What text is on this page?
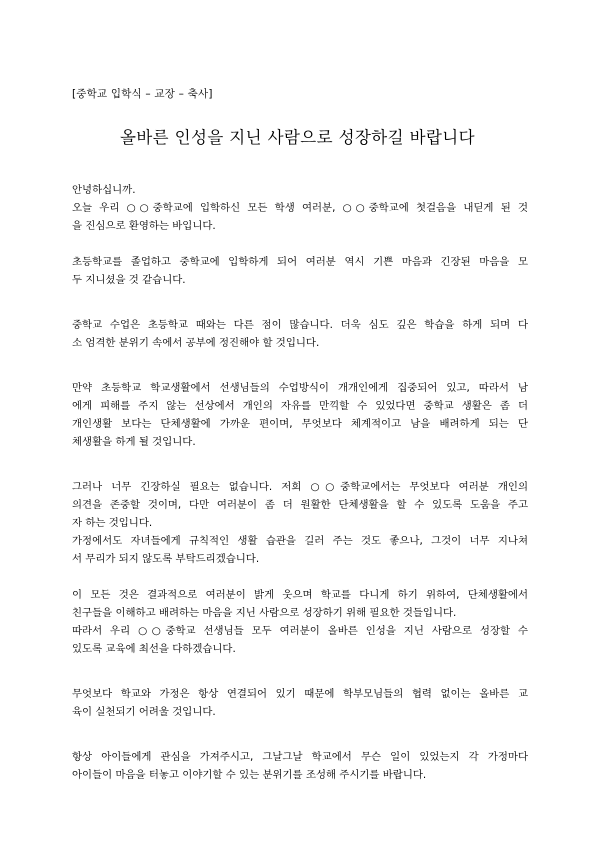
[중학교 입학식 – 교장 – 축사]
올바른 인성을 지닌 사람으로 성장하길 바랍니다
안녕하십니까.
오늘 우리 ○○중학교에 입학하신 모든 학생 여러분, ○○중학교에 첫걸음을 내딛게 된 것
을 진심으로 환영하는 바입니다.
초등학교를 졸업하고 중학교에 입학하게 되어 여러분 역시 기쁜 마음과 긴장된 마음을 모
두 지니셨을 것 같습니다.
중학교 수업은 초등학교 때와는 다른 점이 많습니다. 더욱 심도 깊은 학습을 하게 되며 다
소 엄격한 분위기 속에서 공부에 정진해야 할 것입니다.
만약 초등학교 학교생활에서 선생님들의 수업방식이 개개인에게 집중되어 있고, 따라서 남
에게 피해를 주지 않는 선상에서 개인의 자유를 만끽할 수 있었다면 중학교 생활은 좀 더
개인생활 보다는 단체생활에 가까운 편이며, 무엇보다 체계적이고 남을 배려하게 되는 단
체생활을 하게 될 것입니다.
그러나 너무 긴장하실 필요는 없습니다. 저희 ○○중학교에서는 무엇보다 여러분 개인의
의견을 존중할 것이며, 다만 여러분이 좀 더 원활한 단체생활을 할 수 있도록 도움을 주고
자 하는 것입니다.
가정에서도 자녀들에게 규칙적인 생활 습관을 길러 주는 것도 좋으나, 그것이 너무 지나쳐
서 무리가 되지 않도록 부탁드리겠습니다.
이 모든 것은 결과적으로 여러분이 밝게 웃으며 학교를 다니게 하기 위하여, 단체생활에서
친구들을 이해하고 배려하는 마음을 지닌 사람으로 성장하기 위해 필요한 것들입니다.
따라서 우리 ○○중학교 선생님들 모두 여러분이 올바른 인성을 지닌 사람으로 성장할 수
있도록 교육에 최선을 다하겠습니다.
무엇보다 학교와 가정은 항상 연결되어 있기 때문에 학부모님들의 협력 없이는 올바른 교
육이 실천되기 어려울 것입니다.
항상 아이들에게 관심을 가져주시고, 그날그날 학교에서 무슨 일이 있었는지 각 가정마다
아이들이 마음을 터놓고 이야기할 수 있는 분위기를 조성해 주시기를 바랍니다.
